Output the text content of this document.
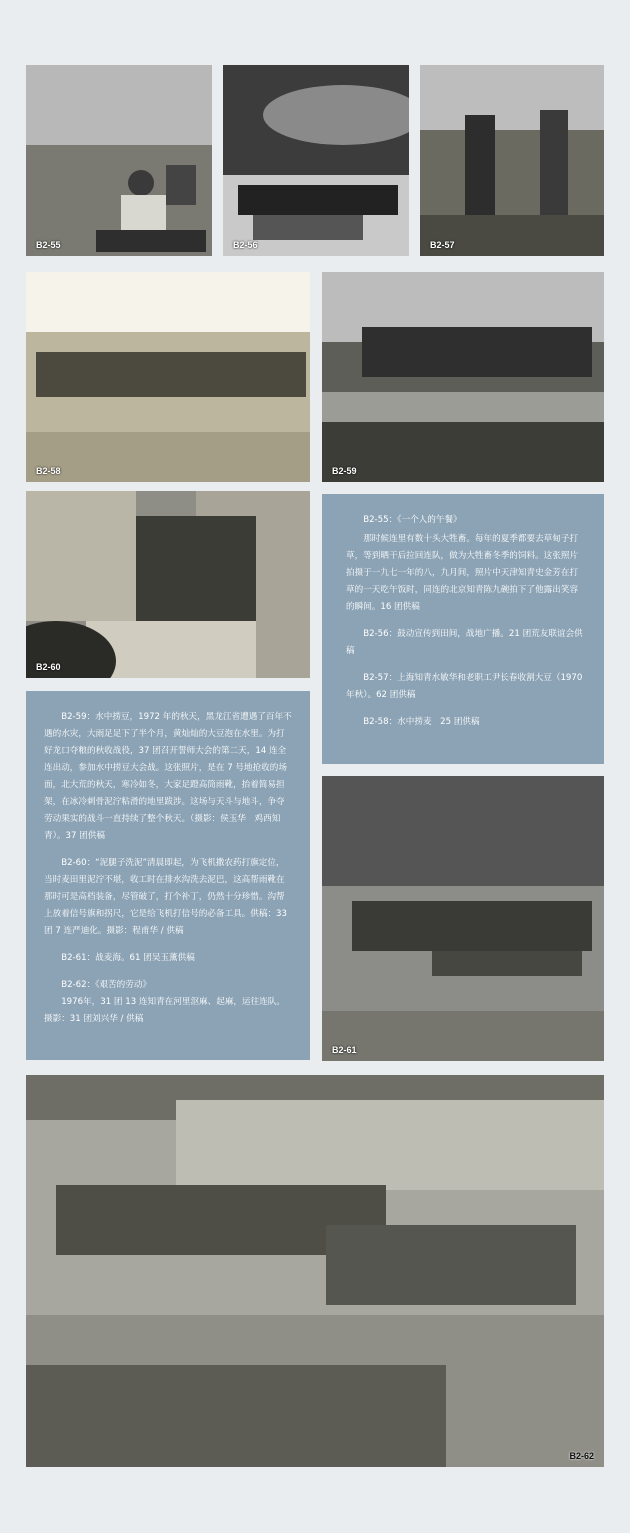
B2-55	B2-56	B2-57
B2-58	B2-59
B2-60

B2-55：《一个人的午餐》

那时候连里有数十头大牲畜。每年的夏季都要去草甸子打草，等到晒干后拉回连队，做为大牲畜冬季的饲料。这张照片拍摄于一九七一年的八，九月间，照片中天津知青史金芳在打草的一天吃午饭时，同连的北京知青陈九碗拍下了他露出笑容的瞬间。16 团供稿

B2-56：鼓动宣传到田间，战地广播。21 团荒友联谊会供稿

B2-57：上海知青水敏华和老职工尹长春收割大豆（1970 年秋）。62 团供稿

B2-58：水中捞麦　25 团供稿

B2-59：水中捞豆，1972 年的秋天，黑龙江省遭遇了百年不遇的水灾，大雨足足下了半个月，黄灿灿的大豆泡在水里。为打好龙口夺粮的秋收战役，37 团召开誓师大会的第二天，14 连全连出动，参加水中捞豆大会战。这张照片，是在 7 号地抢收的场面，北大荒的秋天，寒冷如冬，大家足蹬高筒雨靴，抬着简易担架，在冰冷刺骨泥泞粘滑的地里跋涉。这场与天斗与地斗，争夺劳动果实的战斗一直持续了整个秋天。（摄影：侯玉华　鸡西知青）。37 团供稿

B2-60：“泥腿子洗泥”清晨即起，为飞机撒农药打旗定位，当时麦田里泥泞不堪，收工时在排水沟洗去泥巴，这高帮雨靴在那时可是高档装备，尽管破了，打个补丁，仍然十分珍惜。沟帮上放着信号旗和拐尺，它是给飞机打信号的必备工具。供稿：33 团 7 连严迪化。摄影：程甫华 / 供稿

B2-61：战麦海。61 团吴玉薰供稿

B2-62：《艰苦的劳动》

1976年，31 团 13 连知青在河里沤麻、起麻，运往连队。摄影：31 团刘兴华 / 供稿

B2-61
B2-62
